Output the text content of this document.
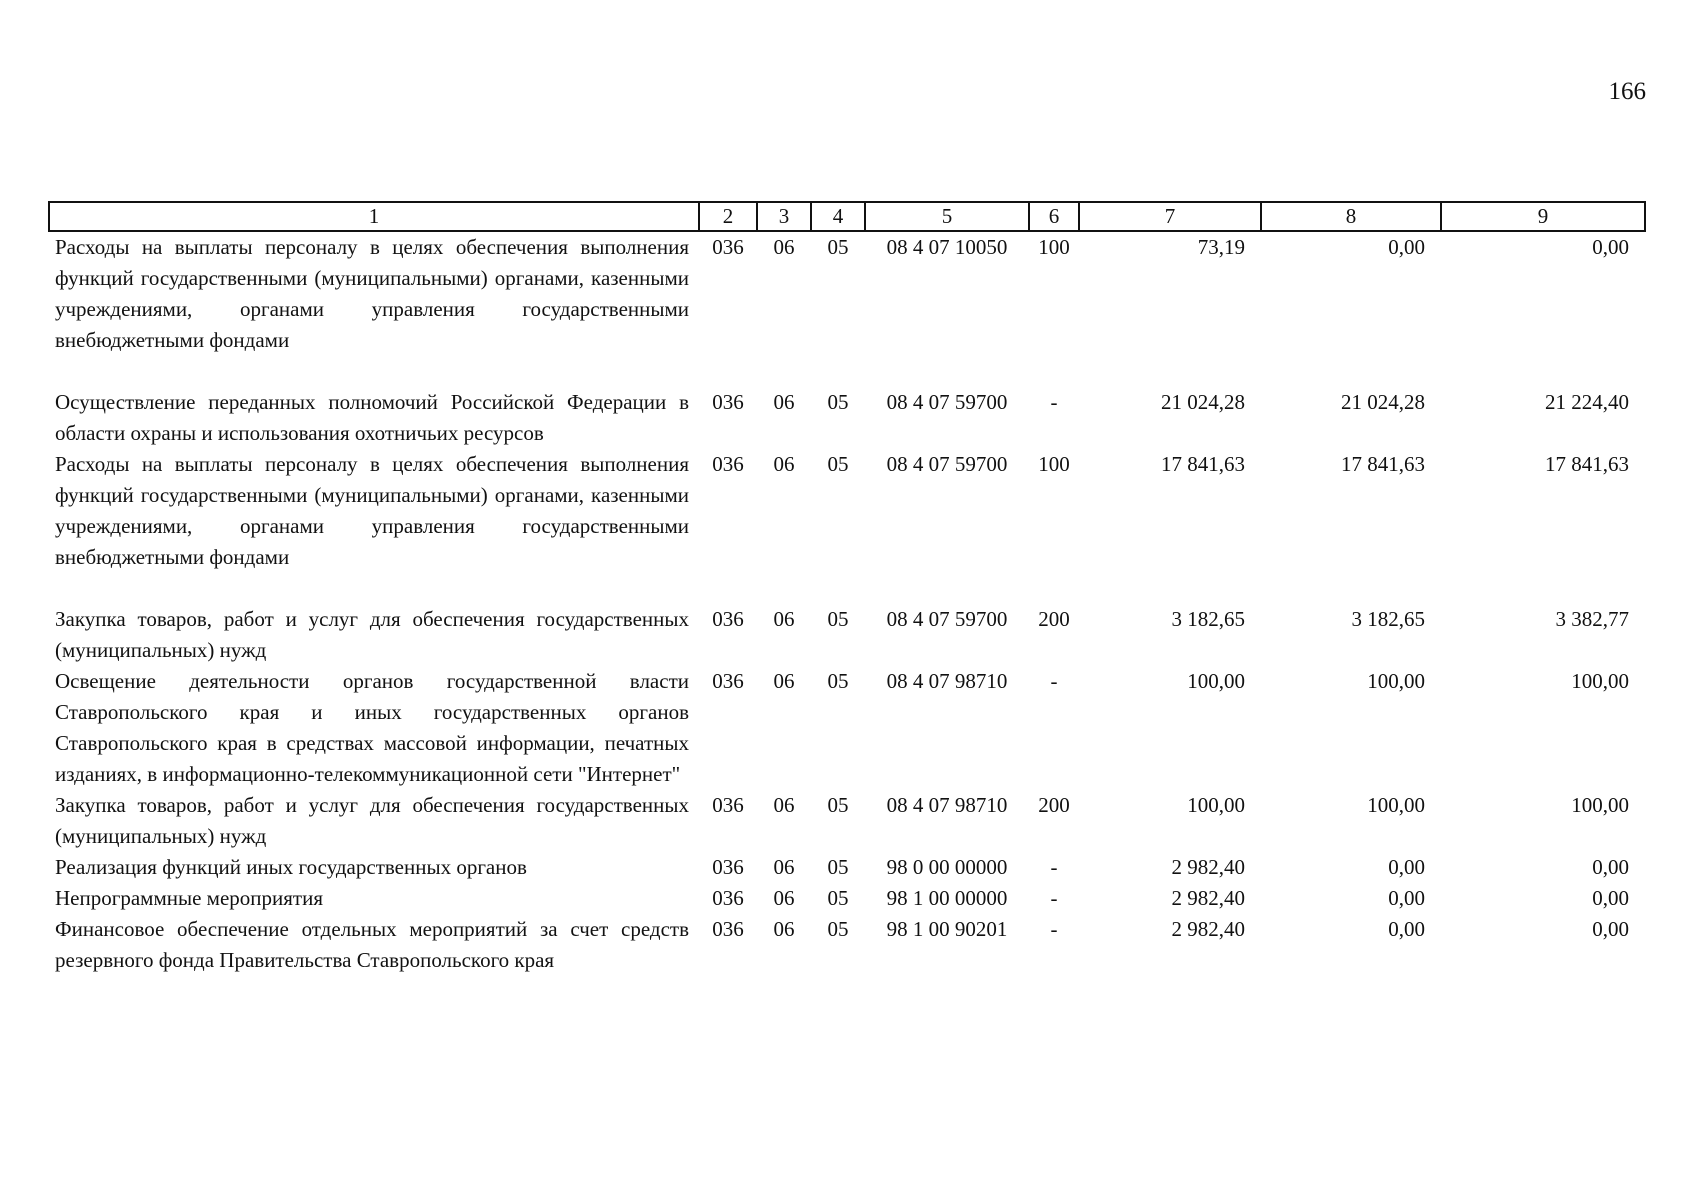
166
1	2	3	4	5	6	7	8	9
Расходы на выплаты персоналу в целях обеспечения выполнения функций государственными (муниципальными) органами, казенными учреждениями, органами управления государственными внебюджетными фондами	036	06	05	08 4 07 10050	100	73,19	0,00	0,00
Осуществление переданных полномочий Российской Федерации в области охраны и использования охотничьих ресурсов	036	06	05	08 4 07 59700	-	21 024,28	21 024,28	21 224,40
Расходы на выплаты персоналу в целях обеспечения выполнения функций государственными (муниципальными) органами, казенными учреждениями, органами управления государственными внебюджетными фондами	036	06	05	08 4 07 59700	100	17 841,63	17 841,63	17 841,63
Закупка товаров, работ и услуг для обеспечения государственных (муниципальных) нужд	036	06	05	08 4 07 59700	200	3 182,65	3 182,65	3 382,77
Освещение деятельности органов государственной власти Ставропольского края и иных государственных органов Ставропольского края в средствах массовой информации, печатных изданиях, в информационно-телекоммуникационной сети "Интернет"	036	06	05	08 4 07 98710	-	100,00	100,00	100,00
Закупка товаров, работ и услуг для обеспечения государственных (муниципальных) нужд	036	06	05	08 4 07 98710	200	100,00	100,00	100,00
Реализация функций иных государственных органов	036	06	05	98 0 00 00000	-	2 982,40	0,00	0,00
Непрограммные мероприятия	036	06	05	98 1 00 00000	-	2 982,40	0,00	0,00
Финансовое обеспечение отдельных мероприятий за счет средств резервного фонда Правительства Ставропольского края	036	06	05	98 1 00 90201	-	2 982,40	0,00	0,00
